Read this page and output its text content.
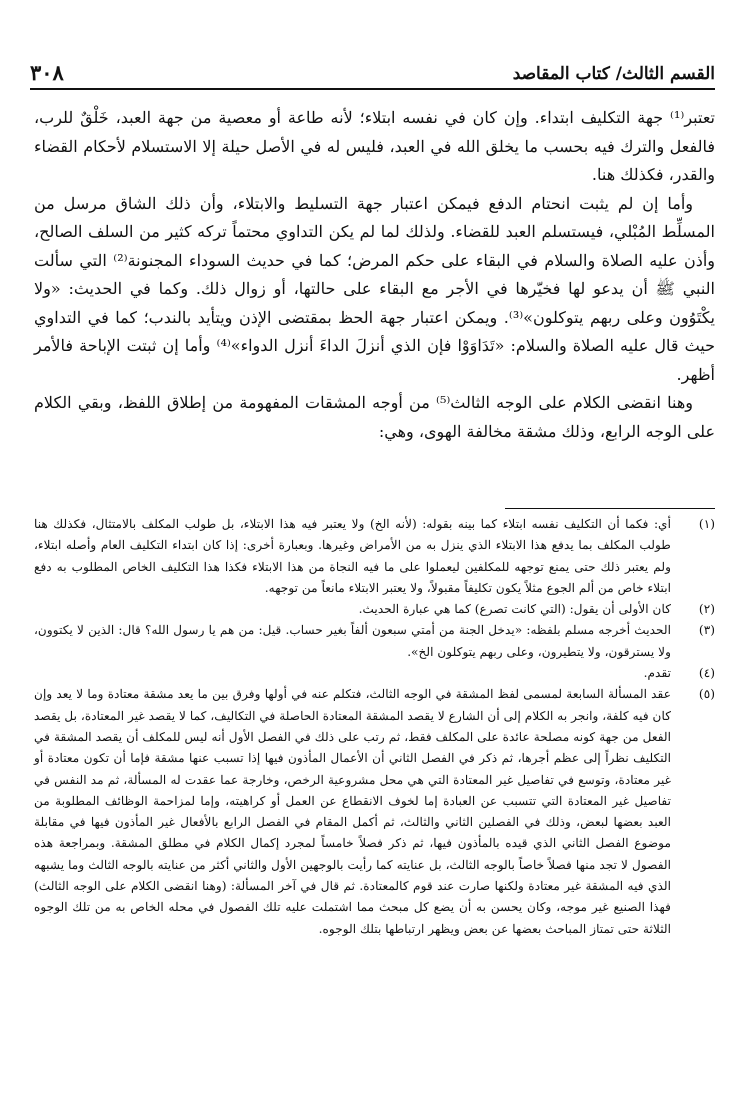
القسم الثالث/ كتاب المقاصد
٣٠٨

تعتبر⁽¹⁾ جهة التكليف ابتداء. وإن كان في نفسه ابتلاء؛ لأنه طاعة أو معصية من جهة العبد، خَلْقٌ للرب، فالفعل والترك فيه بحسب ما يخلق الله في العبد، فليس له في الأصل حيلة إلا الاستسلام لأحكام القضاء والقدر، فكذلك هنا.

وأما إن لم يثبت انحتام الدفع فيمكن اعتبار جهة التسليط والابتلاء، وأن ذلك الشاق مرسل من المسلِّط المُبْلي، فيستسلم العبد للقضاء. ولذلك لما لم يكن التداوي محتماً تركه كثير من السلف الصالح، وأذن عليه الصلاة والسلام في البقاء على حكم المرض؛ كما في حديث السوداء المجنونة⁽²⁾ التي سألت النبي ﷺ أن يدعو لها فخيّرها في الأجر مع البقاء على حالتها، أو زوال ذلك. وكما في الحديث: «ولا يكْتَوُون وعلى ربهم يتوكلون»⁽³⁾. ويمكن اعتبار جهة الحظ بمقتضى الإذن ويتأيد بالندب؛ كما في التداوي حيث قال عليه الصلاة والسلام: «تَدَاوَوْا فإن الذي أنزلَ الداءَ أنزل الدواء»⁽⁴⁾ وأما إن ثبتت الإباحة فالأمر أظهر.

وهنا انقضى الكلام على الوجه الثالث⁽⁵⁾ من أوجه المشقات المفهومة من إطلاق اللفظ، وبقي الكلام على الوجه الرابع، وذلك مشقة مخالفة الهوى، وهي:

(١)
أي: فكما أن التكليف نفسه ابتلاء كما بينه بقوله: (لأنه الخ) ولا يعتبر فيه هذا الابتلاء، بل طولب المكلف بالامتثال، فكذلك هنا طولب المكلف بما يدفع هذا الابتلاء الذي ينزل به من الأمراض وغيرها. وبعبارة أخرى: إذا كان ابتداء التكليف العام وأصله ابتلاء، ولم يعتبر ذلك حتى يمنع توجهه للمكلفين ليعملوا على ما فيه النجاة من هذا الابتلاء فكذا هذا التكليف الخاص المطلوب به دفع ابتلاء خاص من ألم الجوع مثلاً يكون تكليفاً مقبولاً، ولا يعتبر الابتلاء مانعاً من توجهه.
(٢)
كان الأولى أن يقول: (التي كانت تصرع) كما هي عبارة الحديث.
(٣)
الحديث أخرجه مسلم بلفظه: «يدخل الجنة من أمتي سبعون ألفاً بغير حساب. قيل: من هم يا رسول الله؟ قال: الذين لا يكتوون، ولا يسترقون، ولا يتطيرون، وعلى ربهم يتوكلون الخ».
(٤)
تقدم.
(٥)
عقد المسألة السابعة لمسمى لفظ المشقة في الوجه الثالث، فتكلم عنه في أولها وفرق بين ما يعد مشقة معتادة وما لا يعد وإن كان فيه كلفة، وانجر به الكلام إلى أن الشارع لا يقصد المشقة المعتادة الحاصلة في التكاليف، كما لا يقصد غير المعتادة، بل يقصد الفعل من جهة كونه مصلحة عائدة على المكلف فقط، ثم رتب على ذلك في الفصل الأول أنه ليس للمكلف أن يقصد المشقة في التكليف نظراً إلى عظم أجرها، ثم ذكر في الفصل الثاني أن الأعمال المأذون فيها إذا تسبب عنها مشقة فإما أن تكون معتادة أو غير معتادة، وتوسع في تفاصيل غير المعتادة التي هي محل مشروعية الرخص، وخارجة عما عقدت له المسألة، ثم مد النفس في تفاصيل غير المعتادة التي تتسبب عن العبادة إما لخوف الانقطاع عن العمل أو كراهيته، وإما لمزاحمة الوظائف المطلوبة من العبد بعضها لبعض، وذلك في الفصلين الثاني والثالث، ثم أكمل المقام في الفصل الرابع بالأفعال غير المأذون فيها في مقابلة موضوع الفصل الثاني الذي قيده بالمأذون فيها، ثم ذكر فصلاً خامساً لمجرد إكمال الكلام في مطلق المشقة. وبمراجعة هذه الفصول لا تجد منها فصلاً خاصاً بالوجه الثالث، بل عنايته كما رأيت بالوجهين الأول والثاني أكثر من عنايته بالوجه الثالث وما يشبهه الذي فيه المشقة غير معتادة ولكنها صارت عند قوم كالمعتادة. ثم قال في آخر المسألة: (وهنا انقضى الكلام على الوجه الثالث) فهذا الصنيع غير موجه، وكان يحسن به أن يضع كل مبحث مما اشتملت عليه تلك الفصول في محله الخاص به من تلك الوجوه الثلاثة حتى تمتاز المباحث بعضها عن بعض ويظهر ارتباطها بتلك الوجوه.
